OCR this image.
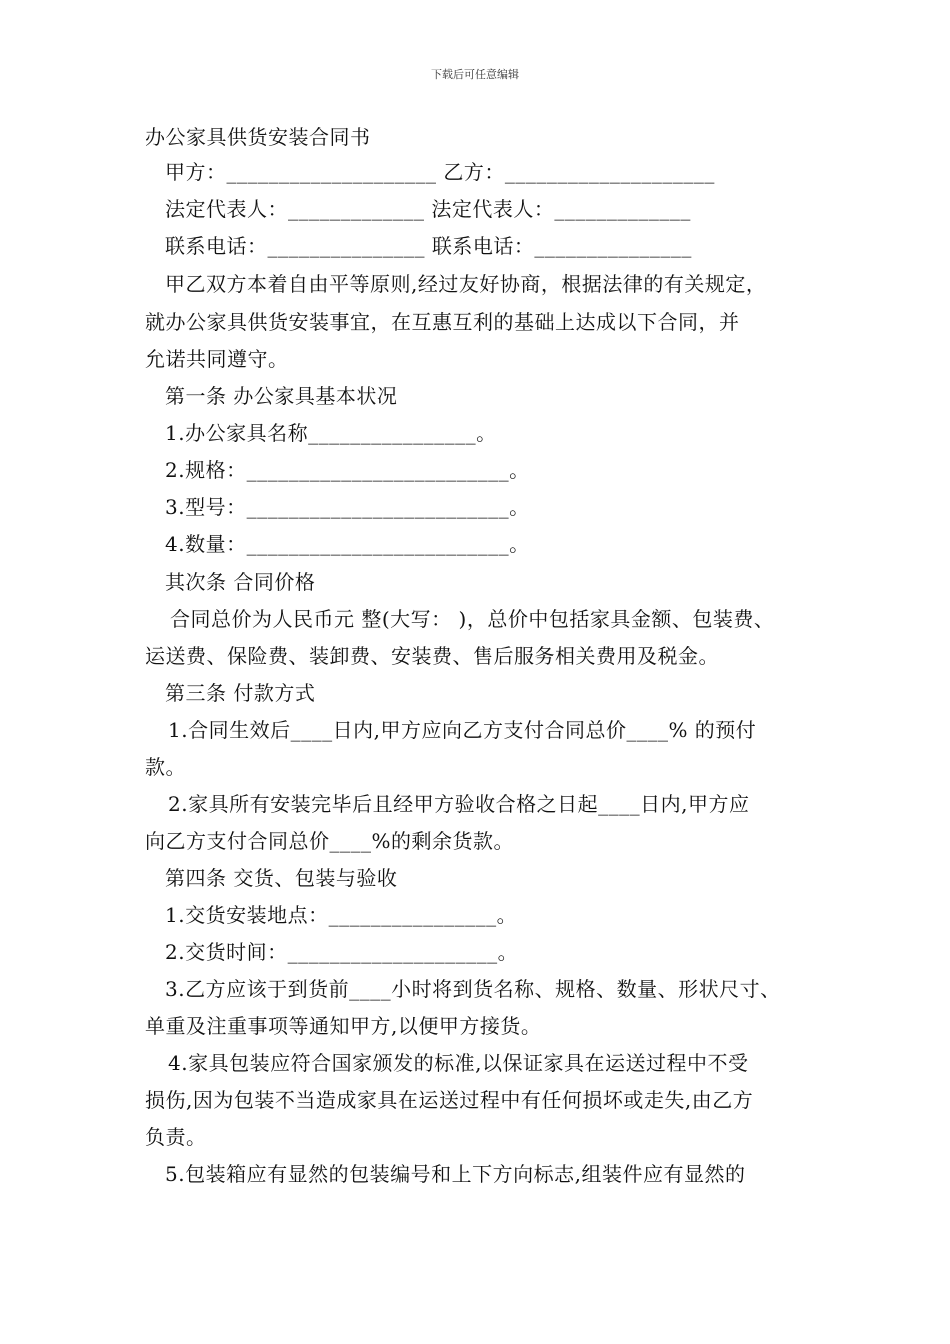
下载后可任意编辑
办公家具供货安装合同书
甲方：____________________ 乙方：____________________
法定代表人：_____________ 法定代表人：_____________
联系电话：_______________ 联系电话：_______________
甲乙双方本着自由平等原则,经过友好协商，根据法律的有关规定，
就办公家具供货安装事宜，在互惠互利的基础上达成以下合同，并
允诺共同遵守。
第一条 办公家具基本状况
1.办公家具名称________________。
2.规格：_________________________。
3.型号：_________________________。
4.数量：_________________________。
其次条 合同价格
合同总价为人民币元 整(大写： )，总价中包括家具金额、包装费、
运送费、保险费、装卸费、安装费、售后服务相关费用及税金。
第三条 付款方式
1.合同生效后____日内,甲方应向乙方支付合同总价____% 的预付
款。
2.家具所有安装完毕后且经甲方验收合格之日起____日内,甲方应
向乙方支付合同总价____%的剩余货款。
第四条 交货、包装与验收
1.交货安装地点：________________。
2.交货时间：____________________。
3.乙方应该于到货前____小时将到货名称、规格、数量、形状尺寸、
单重及注重事项等通知甲方,以便甲方接货。
4.家具包装应符合国家颁发的标准,以保证家具在运送过程中不受
损伤,因为包装不当造成家具在运送过程中有任何损坏或走失,由乙方
负责。
5.包装箱应有显然的包装编号和上下方向标志,组装件应有显然的
